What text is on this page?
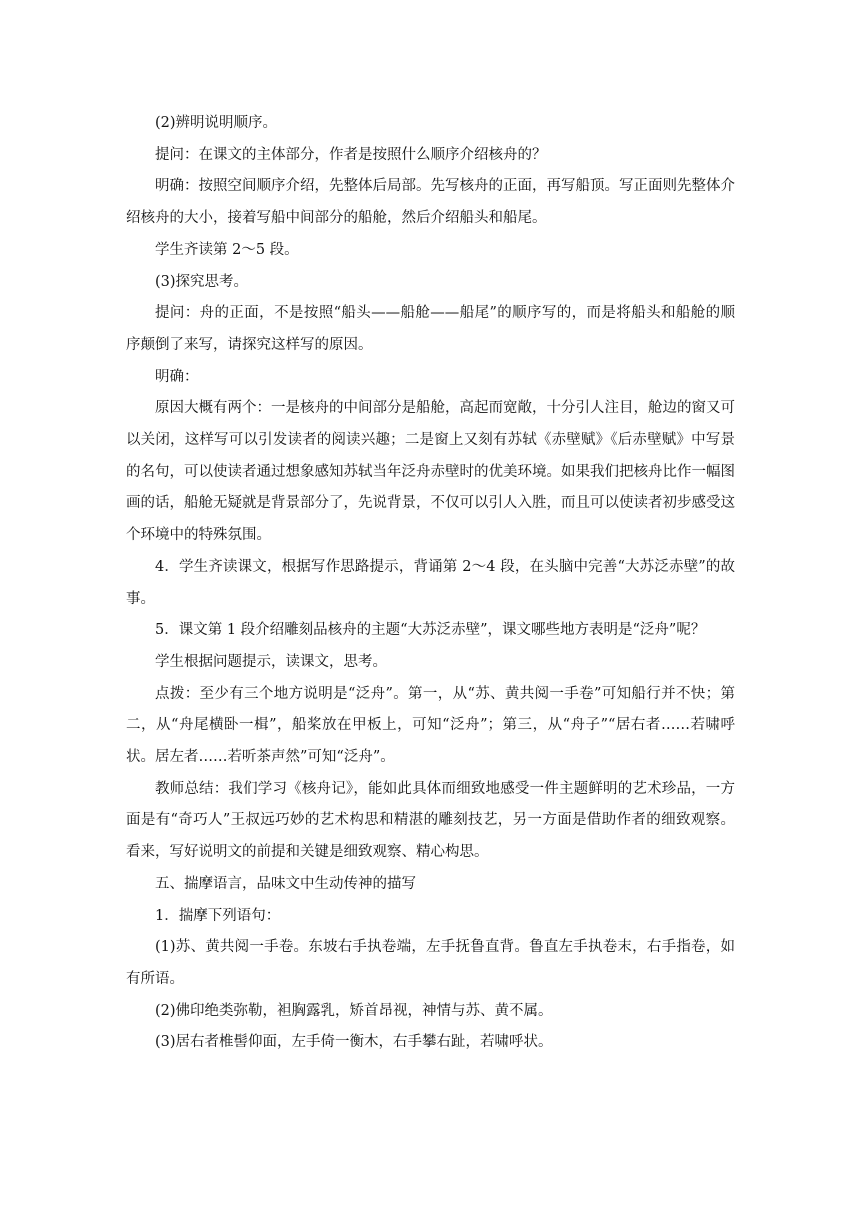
(2)辨明说明顺序。

提问：在课文的主体部分，作者是按照什么顺序介绍核舟的？

明确：按照空间顺序介绍，先整体后局部。先写核舟的正面，再写船顶。写正面则先整体介绍核舟的大小，接着写船中间部分的船舱，然后介绍船头和船尾。

学生齐读第 2～5 段。

(3)探究思考。

提问：舟的正面，不是按照“船头——船舱——船尾”的顺序写的，而是将船头和船舱的顺序颠倒了来写，请探究这样写的原因。

明确：

原因大概有两个：一是核舟的中间部分是船舱，高起而宽敞，十分引人注目，舱边的窗又可以关闭，这样写可以引发读者的阅读兴趣；二是窗上又刻有苏轼《赤壁赋》《后赤壁赋》中写景的名句，可以使读者通过想象感知苏轼当年泛舟赤壁时的优美环境。如果我们把核舟比作一幅图画的话，船舱无疑就是背景部分了，先说背景，不仅可以引人入胜，而且可以使读者初步感受这个环境中的特殊氛围。

4．学生齐读课文，根据写作思路提示，背诵第 2～4 段，在头脑中完善“大苏泛赤壁”的故事。

5．课文第 1 段介绍雕刻品核舟的主题“大苏泛赤壁”，课文哪些地方表明是“泛舟”呢？

学生根据问题提示，读课文，思考。

点拨：至少有三个地方说明是“泛舟”。第一，从“苏、黄共阅一手卷”可知船行并不快；第二，从“舟尾横卧一楫”，船桨放在甲板上，可知“泛舟”；第三，从“舟子”“居右者……若啸呼状。居左者……若听茶声然”可知“泛舟”。

教师总结：我们学习《核舟记》，能如此具体而细致地感受一件主题鲜明的艺术珍品，一方面是有“奇巧人”王叔远巧妙的艺术构思和精湛的雕刻技艺，另一方面是借助作者的细致观察。看来，写好说明文的前提和关键是细致观察、精心构思。

五、揣摩语言，品味文中生动传神的描写

1．揣摩下列语句：

(1)苏、黄共阅一手卷。东坡右手执卷端，左手抚鲁直背。鲁直左手执卷末，右手指卷，如有所语。

(2)佛印绝类弥勒，袒胸露乳，矫首昂视，神情与苏、黄不属。

(3)居右者椎髻仰面，左手倚一衡木，右手攀右趾，若啸呼状。
